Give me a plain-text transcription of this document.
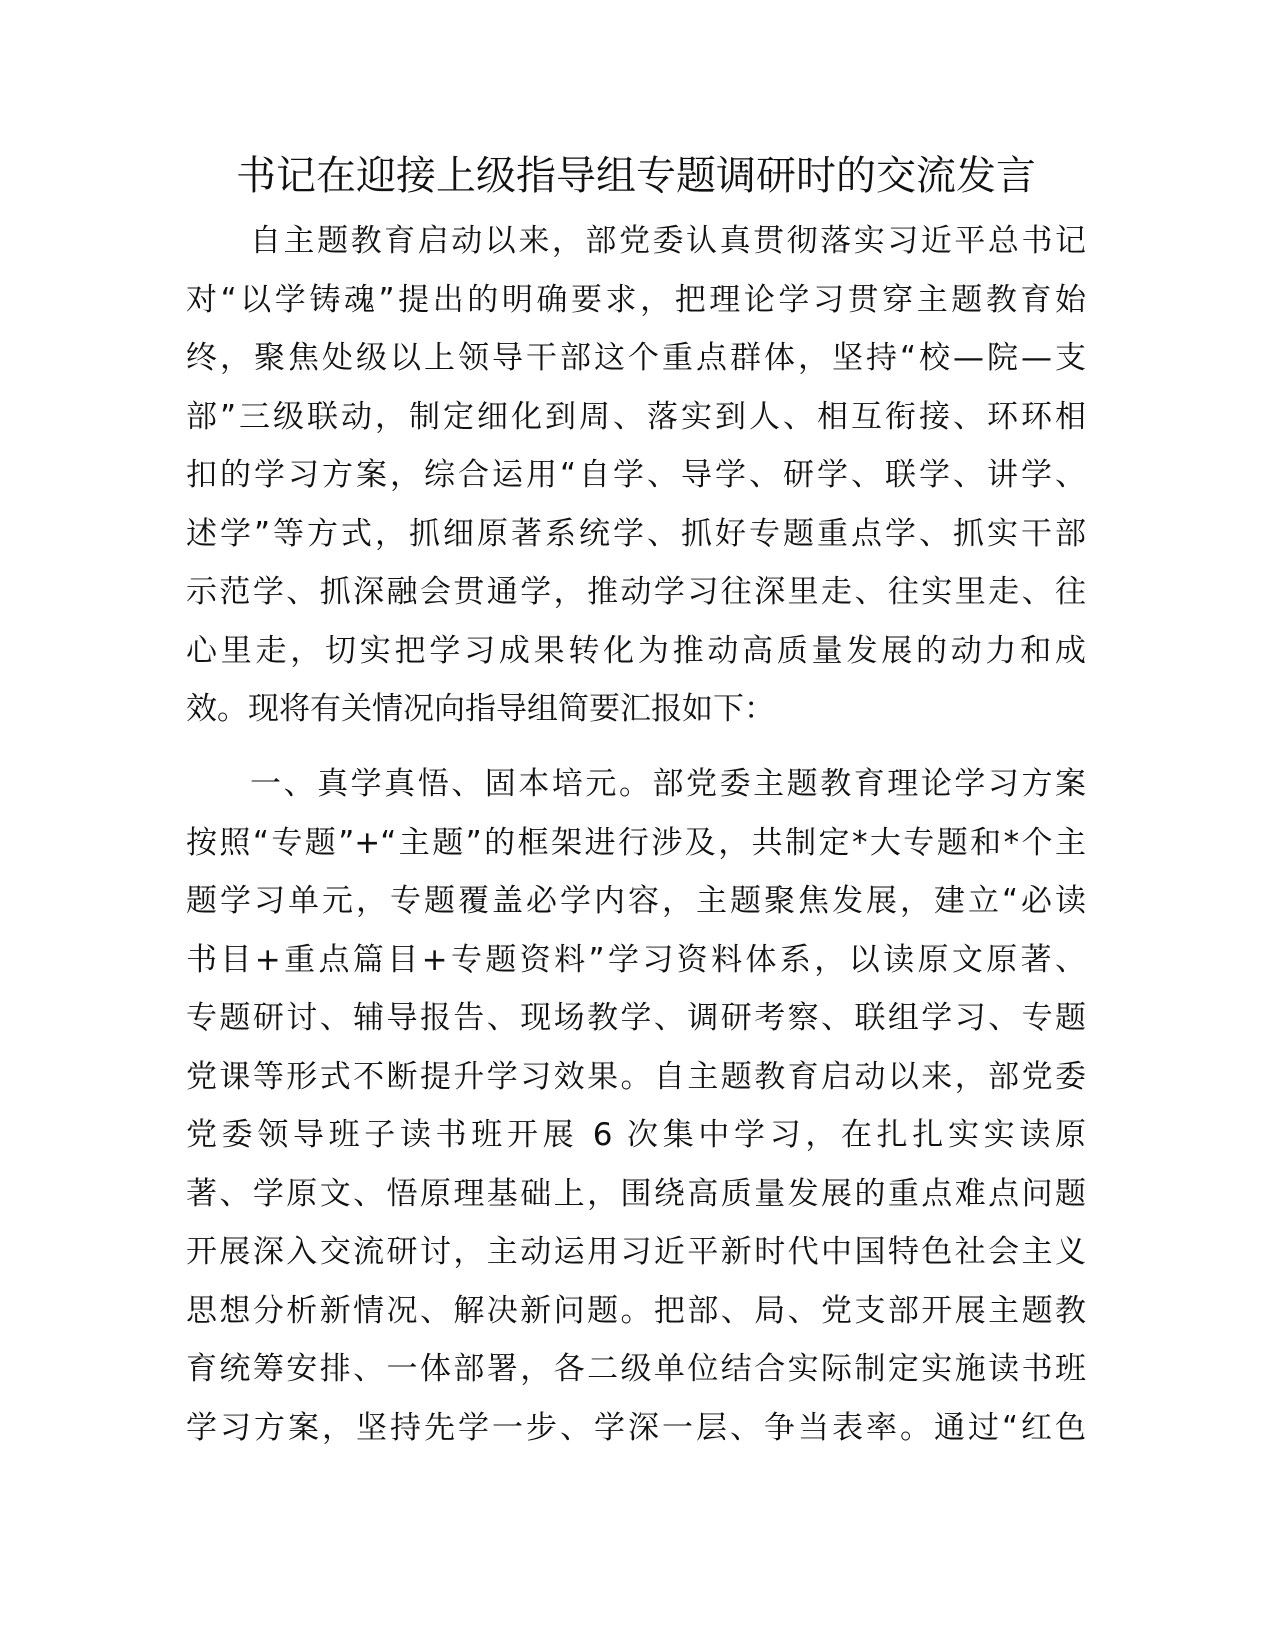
书记在迎接上级指导组专题调研时的交流发言
自主题教育启动以来，部党委认真贯彻落实习近平总书记
对“以学铸魂”提出的明确要求，把理论学习贯穿主题教育始
终，聚焦处级以上领导干部这个重点群体，坚持“校—院—支
部”三级联动，制定细化到周、落实到人、相互衔接、环环相
扣的学习方案，综合运用“自学、导学、研学、联学、讲学、
述学”等方式，抓细原著系统学、抓好专题重点学、抓实干部
示范学、抓深融会贯通学，推动学习往深里走、往实里走、往
心里走，切实把学习成果转化为推动高质量发展的动力和成
效。现将有关情况向指导组简要汇报如下：
一、真学真悟、固本培元。部党委主题教育理论学习方案
按照“专题”+“主题”的框架进行涉及，共制定*大专题和*个主
题学习单元，专题覆盖必学内容，主题聚焦发展，建立“必读
书目+重点篇目+专题资料”学习资料体系，以读原文原著、
专题研讨、辅导报告、现场教学、调研考察、联组学习、专题
党课等形式不断提升学习效果。自主题教育启动以来，部党委
党委领导班子读书班开展 6 次集中学习，在扎扎实实读原
著、学原文、悟原理基础上，围绕高质量发展的重点难点问题
开展深入交流研讨，主动运用习近平新时代中国特色社会主义
思想分析新情况、解决新问题。把部、局、党支部开展主题教
育统筹安排、一体部署，各二级单位结合实际制定实施读书班
学习方案，坚持先学一步、学深一层、争当表率。通过“红色
